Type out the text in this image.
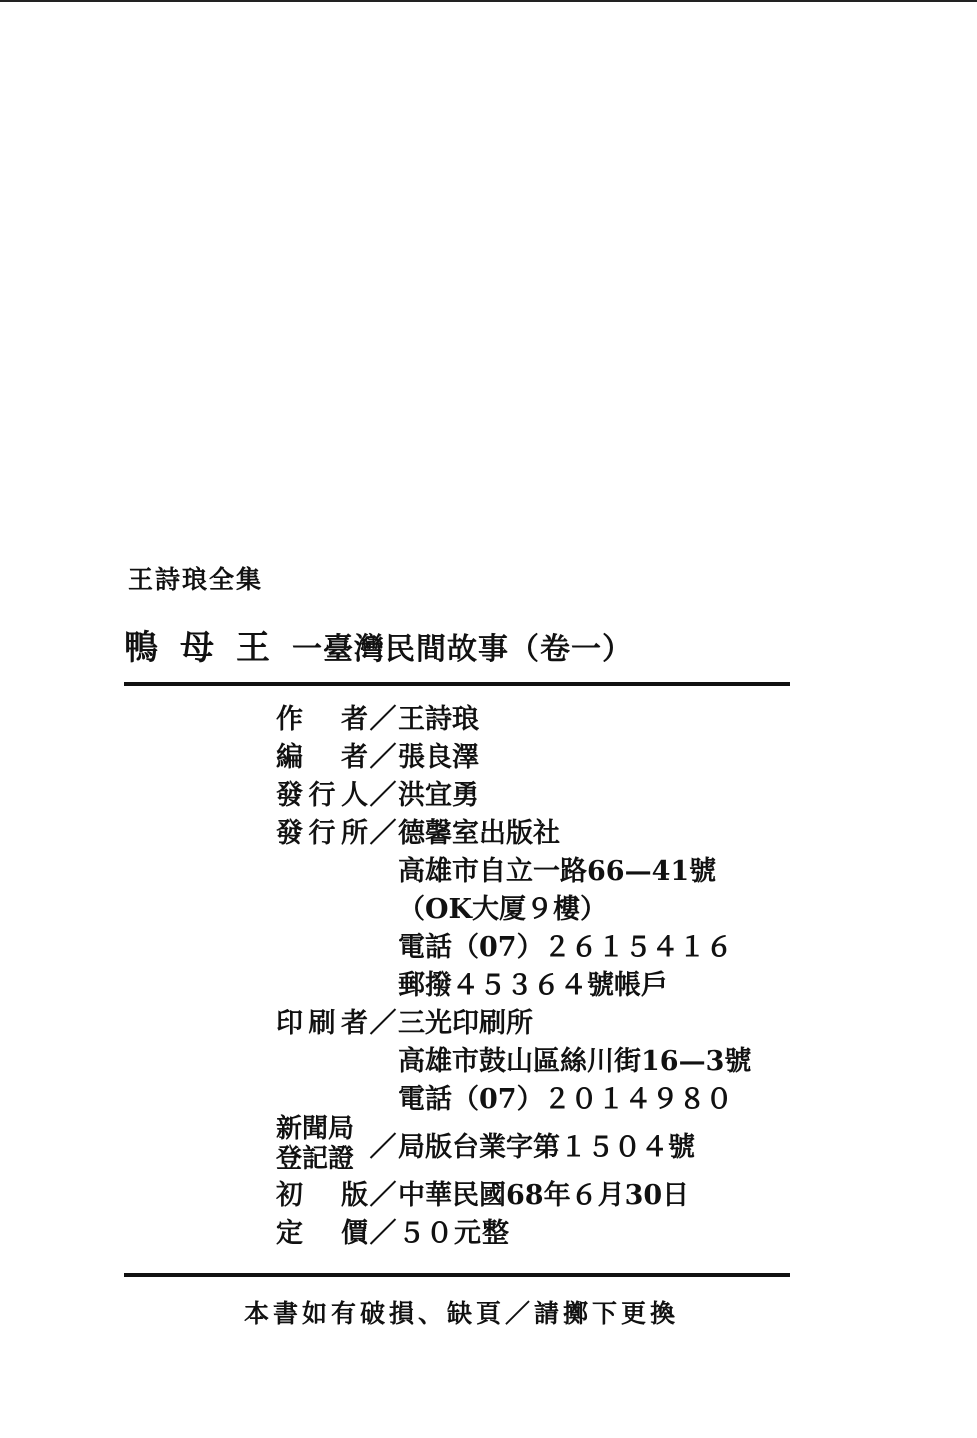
王詩琅全集
鴨母王一臺灣民間故事（卷一）
作　者 ／ 王詩琅
編　者 ／ 張良澤
發行人 ／ 洪宜勇
發行所 ／ 德馨室出版社
高雄市自立一路66—41號
（OK大厦９樓）
電話（07）２６１５４１６
郵撥４５３６４號帳戶
印刷者 ／ 三光印刷所
高雄市鼓山區絲川街16—3號
電話（07）２０１４９８０
新聞局
登記證 ／ 局版台業字第１５０４號
初　版 ／ 中華民國68年６月30日
定　價 ／ ５０元整
本書如有破損、缺頁／請擲下更換
